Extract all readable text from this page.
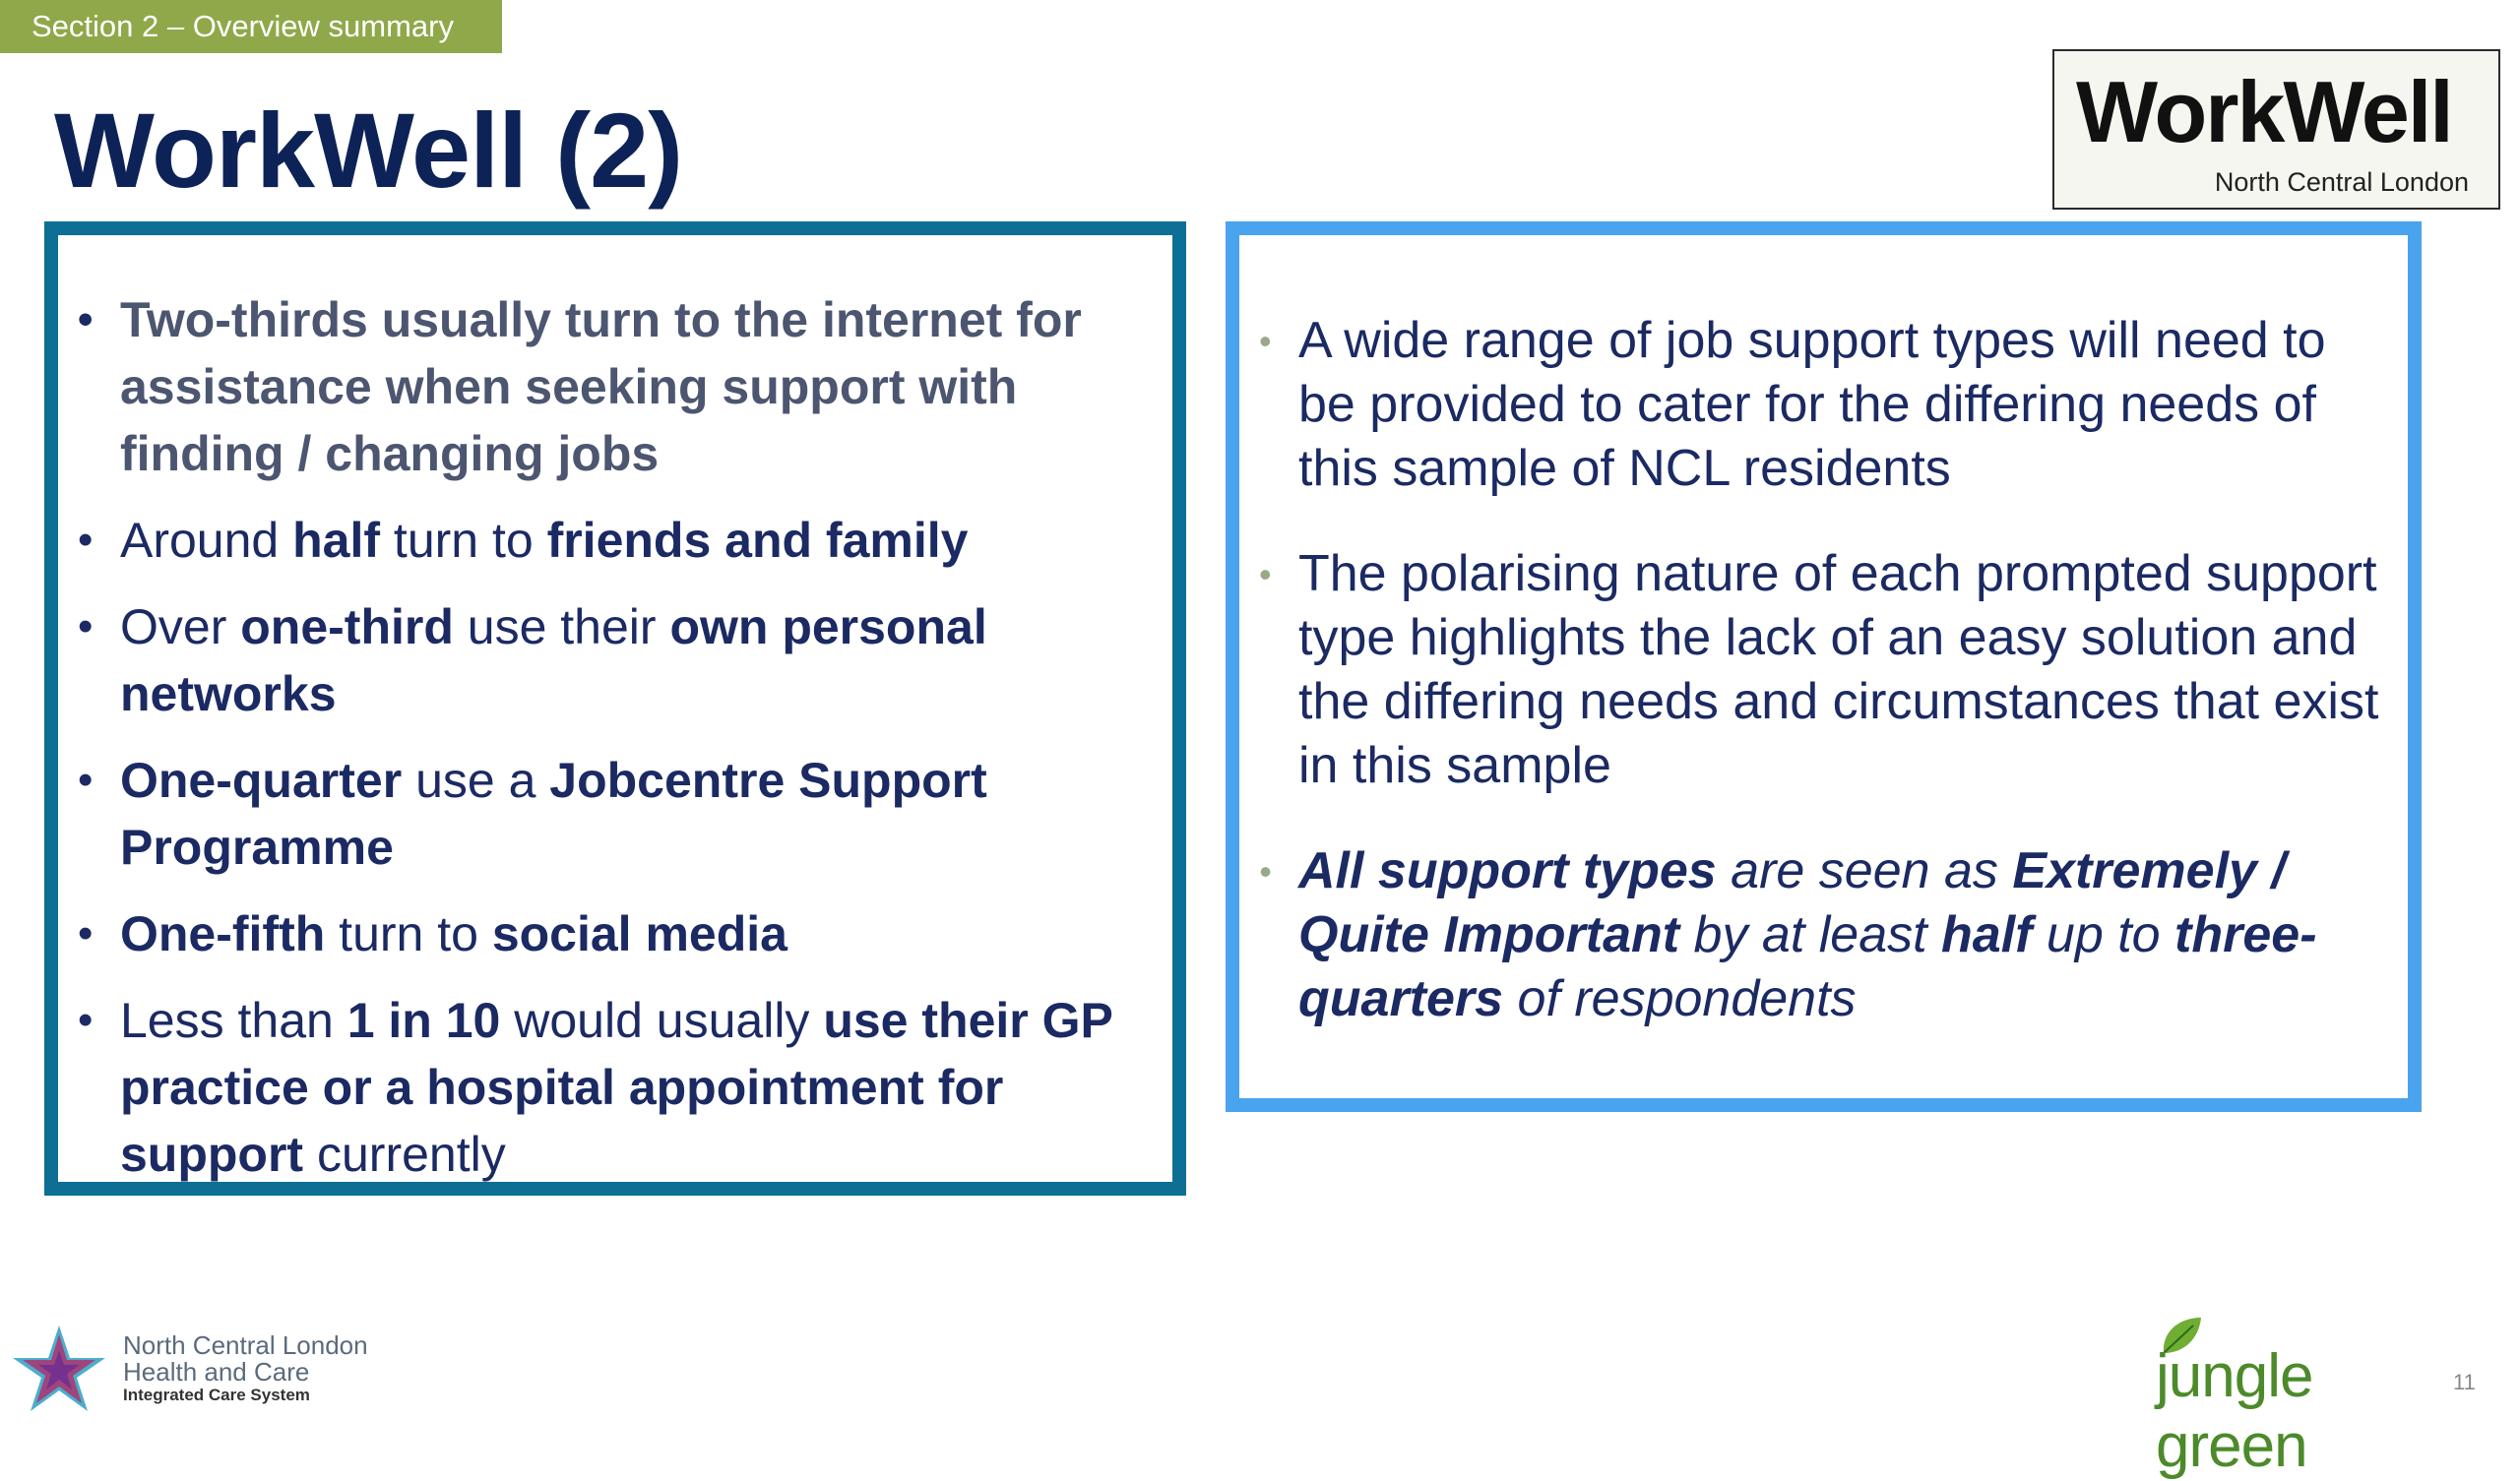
Section 2 – Overview summary
WorkWell (2)	WorkWell
North Central London
• Two-thirds usually turn to the internet for assistance when seeking support with finding / changing jobs
• Around half turn to friends and family
• Over one-third use their own personal networks
• One-quarter use a Jobcentre Support Programme
• One-fifth turn to social media
• Less than 1 in 10 would usually use their GP practice or a hospital appointment for support currently
• A wide range of job support types will need to be provided to cater for the differing needs of this sample of NCL residents
• The polarising nature of each prompted support type highlights the lack of an easy solution and the differing needs and circumstances that exist in this sample
• All support types are seen as Extremely / Quite Important by at least half up to three-quarters of respondents
North Central London
Health and Care
Integrated Care System	jungle green
11
